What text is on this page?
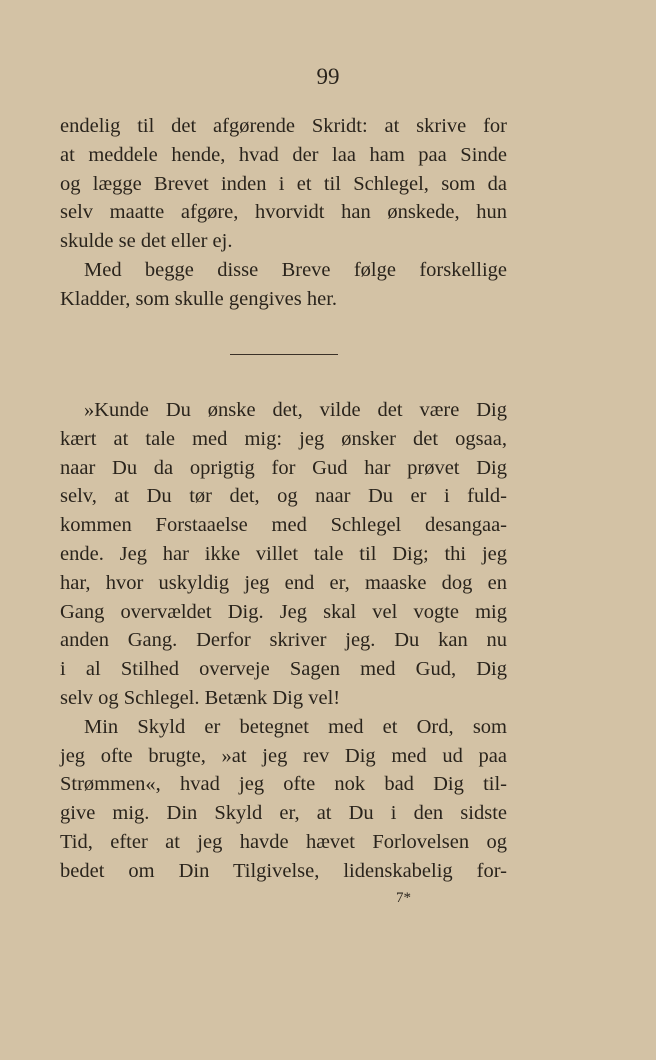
99
endelig til det afgørende Skridt: at skrive for
at meddele hende, hvad der laa ham paa Sinde
og lægge Brevet inden i et til Schlegel, som da
selv maatte afgøre, hvorvidt han ønskede, hun
skulde se det eller ej.
Med begge disse Breve følge forskellige
Kladder, som skulle gengives her.
»Kunde Du ønske det, vilde det være Dig
kært at tale med mig: jeg ønsker det ogsaa,
naar Du da oprigtig for Gud har prøvet Dig
selv, at Du tør det, og naar Du er i fuld-
kommen Forstaaelse med Schlegel desangaa-
ende. Jeg har ikke villet tale til Dig; thi jeg
har, hvor uskyldig jeg end er, maaske dog en
Gang overvældet Dig. Jeg skal vel vogte mig
anden Gang. Derfor skriver jeg. Du kan nu
i al Stilhed overveje Sagen med Gud, Dig
selv og Schlegel. Betænk Dig vel!
Min Skyld er betegnet med et Ord, som
jeg ofte brugte, »at jeg rev Dig med ud paa
Strømmen«, hvad jeg ofte nok bad Dig til-
give mig. Din Skyld er, at Du i den sidste
Tid, efter at jeg havde hævet Forlovelsen og
bedet om Din Tilgivelse, lidenskabelig for-
7*
